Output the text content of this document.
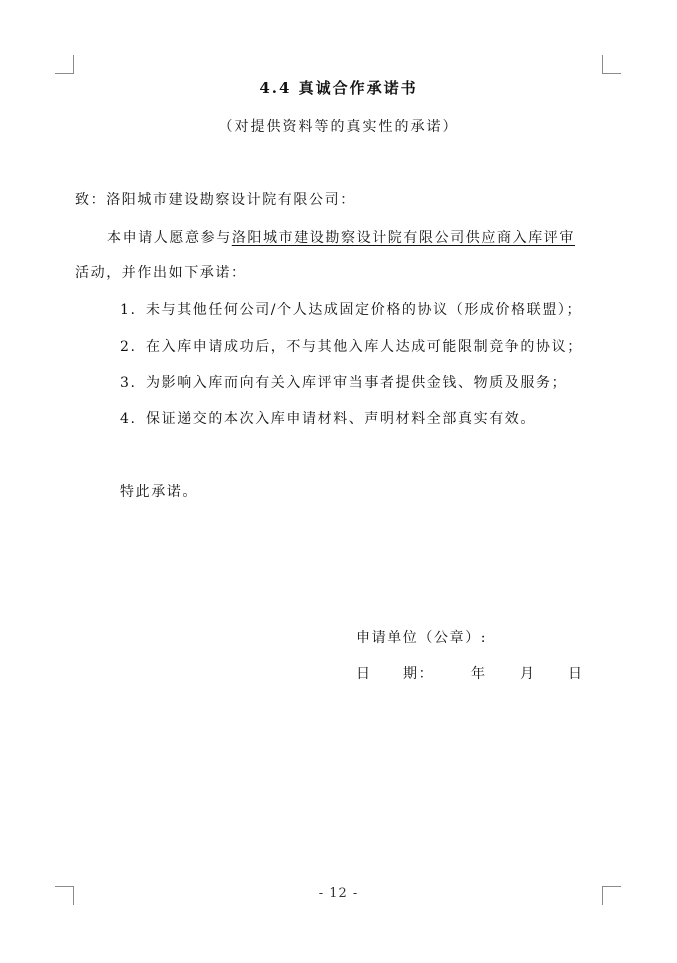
4.4 真诚合作承诺书
（对提供资料等的真实性的承诺）
致：洛阳城市建设勘察设计院有限公司：
本申请人愿意参与洛阳城市建设勘察设计院有限公司供应商入库评审
活动，并作出如下承诺：
1. 未与其他任何公司/个人达成固定价格的协议（形成价格联盟）；
2. 在入库申请成功后，不与其他入库人达成可能限制竞争的协议；
3. 为影响入库而向有关入库评审当事者提供金钱、物质及服务；
4. 保证递交的本次入库申请材料、声明材料全部真实有效。
特此承诺。
申请单位（公章）:
日 期：	年 月 日
- 12 -
